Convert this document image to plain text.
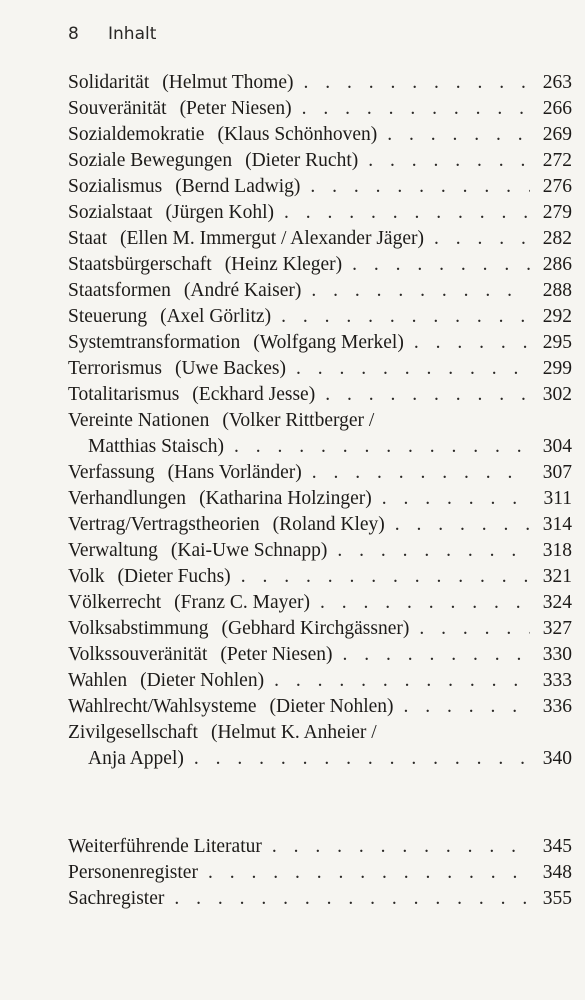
8 Inhalt
Solidarität (Helmut Thome) . . .	263
Souveränität (Peter Niesen) . . .	266
Sozialdemokratie (Klaus Schönhoven) . . .	269
Soziale Bewegungen (Dieter Rucht) . . .	272
Sozialismus (Bernd Ladwig) . . .	276
Sozialstaat (Jürgen Kohl) . . .	279
Staat (Ellen M. Immergut / Alexander Jäger) . . .	282
Staatsbürgerschaft (Heinz Kleger) . . .	286
Staatsformen (André Kaiser) . . .	288
Steuerung (Axel Görlitz) . . .	292
Systemtransformation (Wolfgang Merkel) . . .	295
Terrorismus (Uwe Backes) . . .	299
Totalitarismus (Eckhard Jesse) . . .	302
Vereinte Nationen (Volker Rittberger /
Matthias Staisch) . . .	304
Verfassung (Hans Vorländer) . . .	307
Verhandlungen (Katharina Holzinger) . . .	311
Vertrag/Vertragstheorien (Roland Kley) . . .	314
Verwaltung (Kai-Uwe Schnapp) . . .	318
Volk (Dieter Fuchs) . . .	321
Völkerrecht (Franz C. Mayer) . . .	324
Volksabstimmung (Gebhard Kirchgässner) . . .	327
Volkssouveränität (Peter Niesen) . . .	330
Wahlen (Dieter Nohlen) . . .	333
Wahlrecht/Wahlsysteme (Dieter Nohlen) . . .	336
Zivilgesellschaft (Helmut K. Anheier /
Anja Appel) . . .	340
Weiterführende Literatur . . .	345
Personenregister . . .	348
Sachregister . . .	355
